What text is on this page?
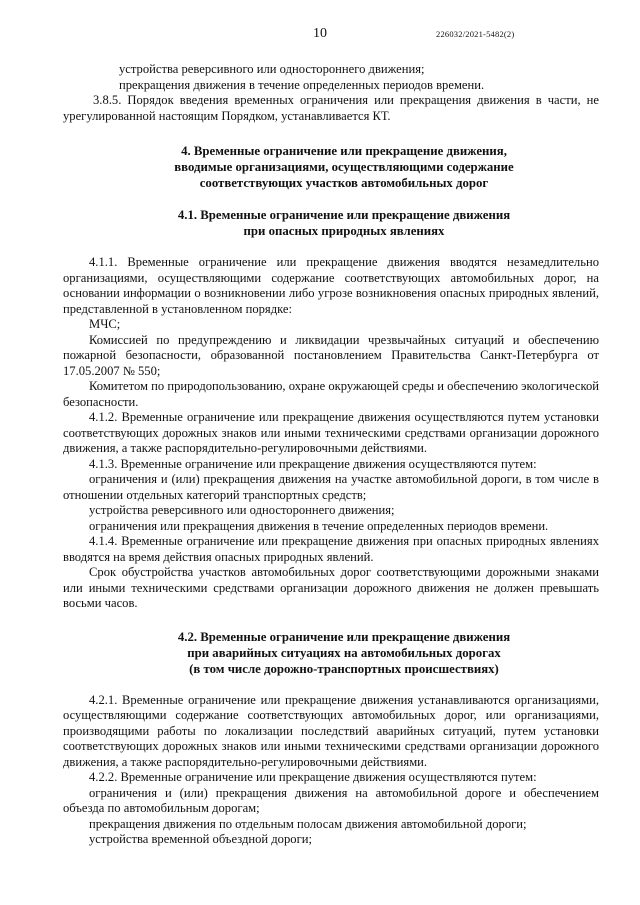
10	226032/2021-5482(2)

устройства реверсивного или одностороннего движения;

прекращения движения в течение определенных периодов времени.

3.8.5. Порядок введения временных ограничения или прекращения движения в части, не урегулированной настоящим Порядком, устанавливается КТ.

4. Временные ограничение или прекращение движения,
вводимые организациями, осуществляющими содержание
соответствующих участков автомобильных дорог
4.1. Временные ограничение или прекращение движения
при опасных природных явлениях

4.1.1. Временные ограничение или прекращение движения вводятся незамедлительно организациями, осуществляющими содержание соответствующих автомобильных дорог, на основании информации о возникновении либо угрозе возникновения опасных природных явлений, представленной в установленном порядке:

МЧС;

Комиссией по предупреждению и ликвидации чрезвычайных ситуаций и обеспечению пожарной безопасности, образованной постановлением Правительства Санкт-Петербурга от 17.05.2007 № 550;

Комитетом по природопользованию, охране окружающей среды и обеспечению экологической безопасности.

4.1.2. Временные ограничение или прекращение движения осуществляются путем установки соответствующих дорожных знаков или иными техническими средствами организации дорожного движения, а также распорядительно-регулировочными действиями.

4.1.3. Временные ограничение или прекращение движения осуществляются путем:

ограничения и (или) прекращения движения на участке автомобильной дороги, в том числе в отношении отдельных категорий транспортных средств;

устройства реверсивного или одностороннего движения;

ограничения или прекращения движения в течение определенных периодов времени.

4.1.4. Временные ограничение или прекращение движения при опасных природных явлениях вводятся на время действия опасных природных явлений.

Срок обустройства участков автомобильных дорог соответствующими дорожными знаками или иными техническими средствами организации дорожного движения не должен превышать восьми часов.

4.2. Временные ограничение или прекращение движения
при аварийных ситуациях на автомобильных дорогах
(в том числе дорожно-транспортных происшествиях)

4.2.1. Временные ограничение или прекращение движения устанавливаются организациями, осуществляющими содержание соответствующих автомобильных дорог, или организациями, производящими работы по локализации последствий аварийных ситуаций, путем установки соответствующих дорожных знаков или иными техническими средствами организации дорожного движения, а также распорядительно-регулировочными действиями.

4.2.2. Временные ограничение или прекращение движения осуществляются путем:

ограничения и (или) прекращения движения на автомобильной дороге и обеспечением объезда по автомобильным дорогам;

прекращения движения по отдельным полосам движения автомобильной дороги;

устройства временной объездной дороги;
